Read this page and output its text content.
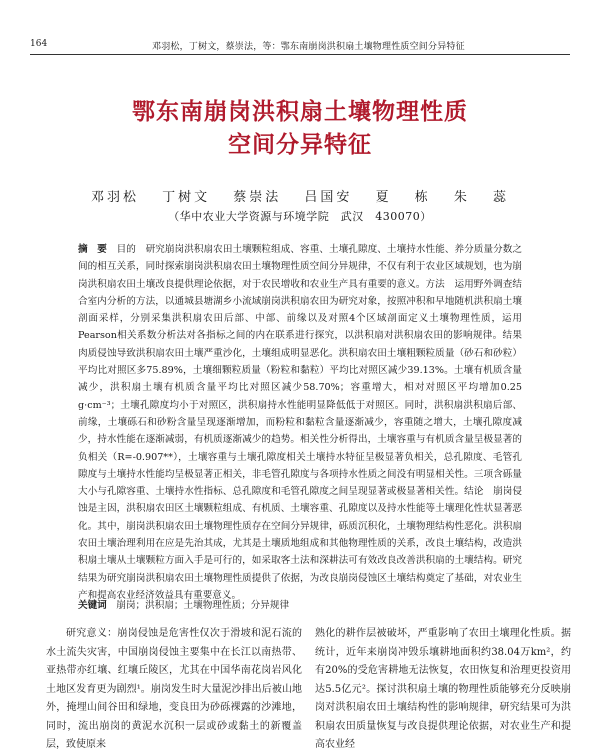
164	邓羽松，丁树文，蔡崇法，等：鄂东南崩岗洪积扇土壤物理性质空间分异特征
鄂东南崩岗洪积扇土壤物理性质
空间分异特征
邓羽松 丁树文 蔡崇法 吕国安 夏 栋 朱 蕊
（华中农业大学资源与环境学院　武汉　430070）

摘　要　 目的　研究崩岗洪积扇农田土壤颗粒组成、容重、土壤孔隙度、土壤持水性能、养分质量分数之间的相互关系，同时探索崩岗洪积扇农田土壤物理性质空间分异规律，不仅有利于农业区域规划，也为崩岗洪积扇农田土壤改良提供理论依据，对于农民增收和农业生产具有重要的意义。方法　运用野外调查结合室内分析的方法，以通城县塘湖乡小流域崩岗洪积扇农田为研究对象，按照冲积和早地随机洪积扇土壤剖面采样，分别采集洪积扇农田后部、中部、前缘以及对照4个区域剖面定义土壤物理性质，运用Pearson相关系数分析法对各指标之间的内在联系进行探究，以洪积扇对洪积扇农田的影响规律。结果　肉质侵蚀导致洪积扇农田土壤严重沙化，土壤组成明显恶化。洪积扇农田土壤粗颗粒质量（砂石和砂粒）平均比对照区多75.89%，土壤细颗粒质量（粉粒和黏粒）平均比对照区减少39.13%。土壤有机质含量减少，洪积扇土壤有机质含量平均比对照区减少58.70%；容重增大，相对对照区平均增加0.25 g·cm⁻³；土壤孔隙度均小于对照区，洪积扇持水性能明显降低低于对照区。同时，洪积扇洪积扇后部、前缘，土壤砾石和砂粉含量呈现逐渐增加，而粉粒和黏粒含量逐渐减少，容重随之增大，土壤孔隙度减少，持水性能在逐渐减弱，有机质逐渐减少的趋势。相关性分析得出，土壤容重与有机质含量呈极显著的负相关（R=-0.907**），土壤容重与土壤孔隙度相关土壤持水特征呈极显著负相关，总孔隙度、毛管孔隙度与土壤持水性能均呈极显著正相关，非毛管孔隙度与各项持水性质之间没有明显相关性。三项含砾量大小与孔隙容重、土壤持水性指标、总孔隙度和毛管孔隙度之间呈现显著或极显著相关性。结论　崩岗侵蚀是主因，洪积扇农田区土壤颗粒组成、有机质、土壤容重、孔隙度以及持水性能等土壤理化性状显著恶化。其中，崩岗洪积扇农田土壤物理性质存在空间分异规律，砾质沉积化，土壤物理结构性恶化。洪积扇农田土壤治理利用在应是先治其成，尤其是土壤质地组成和其他物理性质的关系，改良土壤结构，改造洪积扇土壤从土壤颗粒方面入手是可行的，如采取客土法和深耕法可有效改良改善洪积扇的土壤结构。研究结果为研究崩岗洪积扇农田土壤物理性质提供了依据，为改良崩岗侵蚀区土壤结构奠定了基础，对农业生产和提高农业经济效益具有重要意义。

关键词　 崩岗；洪积扇；土壤物理性质；分异规律

研究意义：崩岗侵蚀是危害性仅次于滑坡和泥石流的水土流失灾害，中国崩岗侵蚀主要集中在长江以南热带、亚热带亦红壤、红壤丘陵区，尤其在中国华南花岗岩风化土地区发育更为剧烈¹。崩岗发生时大量泥沙排出后被山地外，掩埋山间谷田和绿地，变良田为砂砾裸露的沙滩地，同时，流出崩岗的黄泥水沉积一层或砂或黏土的新覆盖层，致使原来

熟化的耕作层被破坏，严重影响了农田土壤理化性质。据统计，近年来崩岗冲毁乐壤耕地面积约38.04万km²，约有20%的受危害耕地无法恢复，农田恢复和治理更投资用达5.5亿元²。探讨洪积扇土壤的物理性质能够充分反映崩岗对洪积扇农田土壤结构性的影响规律，研究结果可为洪积扇农田质量恢复与改良提供理论依据，对农业生产和提高农业经
